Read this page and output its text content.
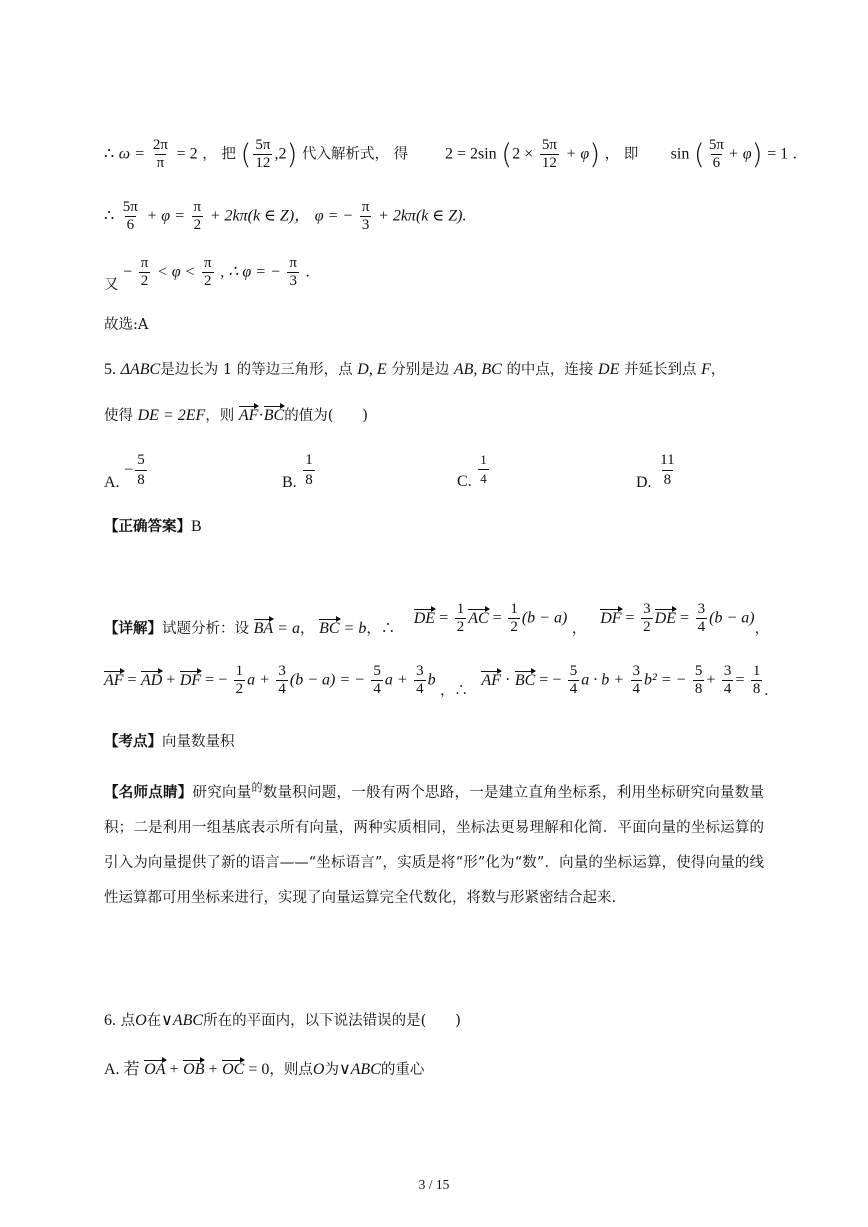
∴ $\omega = \frac{2\pi}{\pi} = 2$ ， 把 ( $\frac{5\pi}{12} ,2$) 代入解析式， 得 2 = 2sin $(2 \times \frac{5\pi}{12} + \varphi)$ ， 即 sin ( $\frac{5\pi}{6} + \varphi) = 1$ .
∴ $\frac{5\pi}{6} + \varphi = \frac{\pi}{2} + 2k\pi(k$ ∈ Z)， φ = − $\frac{\pi}{3} + 2k\pi(k$ ∈ Z).
又 − $\frac{\pi}{2} < \varphi < \frac{\pi}{2}$ , ∴ φ = − $\frac{\pi}{3}$ .
故选:A
5. ΔABC是边长为 1 的等边三角形，点 D, E 分别是边 AB, BC 的中点，连接 DE 并延长到点 F，
使得 DE = 2EF，则 AF·BC的值为(　　)
A. − $\frac{5}{8}$	B. $\frac{1}{8}$	C. $\frac{1}{4}$	D. $\frac{11}{8}$
【正确答案】B
【详解】试题分析：设 BA = a， BC = b，∴    DE = $\frac{1}{2}$ AC = $\frac{1}{2} (b - a)$ ，   DF = $\frac{3}{2}$ DE = $\frac{3}{4} (b - a)$，
AF = AD + DF = − $\frac{1}{2}$ $a + \frac{3}{4} (b - a)$ = − $\frac{5}{4}$ $a + \frac{3}{4}$ b ，∴   AF · BC = − $\frac{5}{4}$ $a \cdot b + \frac{3}{4} b^2$ = − $\frac{5}{8} + \frac{3}{4} = \frac{1}{8}$ .
【考点】向量数量积
【名师点睛】研究向量$^的$数量积问题，一般有两个思路，一是建立直角坐标系，利用坐标研究向量数量积；二是利用一组基底表示所有向量，两种实质相同，坐标法更易理解和化简．平面向量的坐标运算的引入为向量提供了新的语言——“坐标语言”，实质是将“形”化为“数”．向量的坐标运算，使得向量的线性运算都可用坐标来进行，实现了向量运算完全代数化，将数与形紧密结合起来.
6. 点O在∨ABC所在的平面内，以下说法错误的是(　　)
A. 若 OA + OB + OC = 0，则点O为∨ABC的重心
3 / 15
